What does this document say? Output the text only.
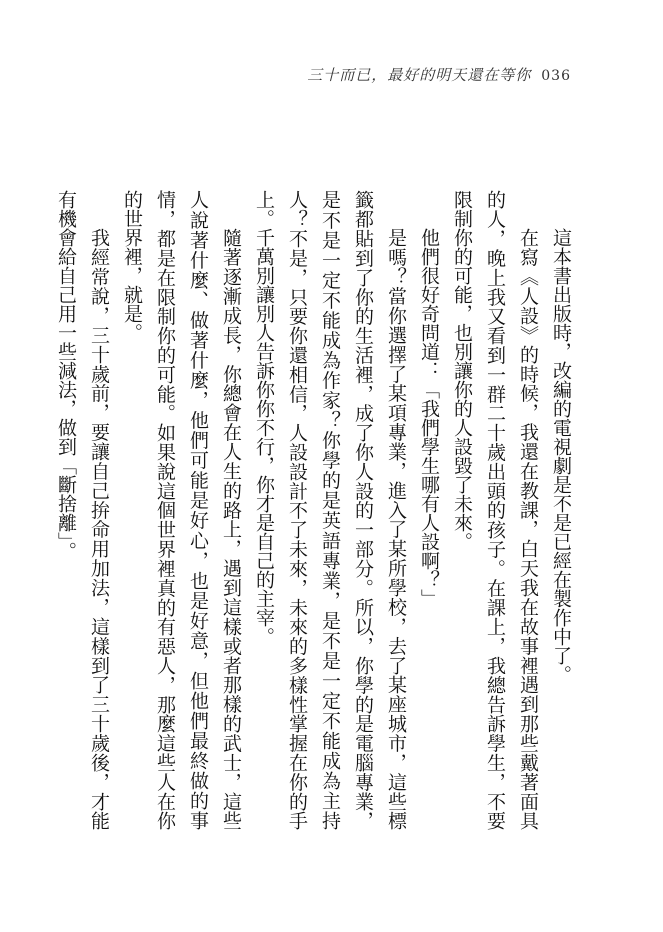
三十而已，最好的明天還在等你 036

這本書出版時，改編的電視劇是不是已經在製作中了。

在寫《人設》的時候，我還在教課，白天我在故事裡遇到那些戴著面具的人，晚上我又看到一群二十歲出頭的孩子。在課上，我總告訴學生，不要限制你的可能，也別讓你的人設毀了未來。

他們很好奇問道：「我們學生哪有人設啊？」

是嗎？當你選擇了某項專業，進入了某所學校，去了某座城市，這些標籤都貼到了你的生活裡，成了你人設的一部分。所以，你學的是電腦專業，是不是一定不能成為作家？你學的是英語專業，是不是一定不能成為主持人？不是，只要你還相信，人設設計不了未來，未來的多樣性掌握在你的手上。千萬別讓別人告訴你你不行，你才是自己的主宰。

隨著逐漸成長，你總會在人生的路上，遇到這樣或者那樣的武士，這些人說著什麼、做著什麼，他們可能是好心，也是好意，但他們最終做的事情，都是在限制你的可能。如果說這個世界裡真的有惡人，那麼這些人在你的世界裡，就是。

我經常說，三十歲前，要讓自己拚命用加法，這樣到了三十歲後，才能有機會給自己用一些減法，做到「斷捨離」。
